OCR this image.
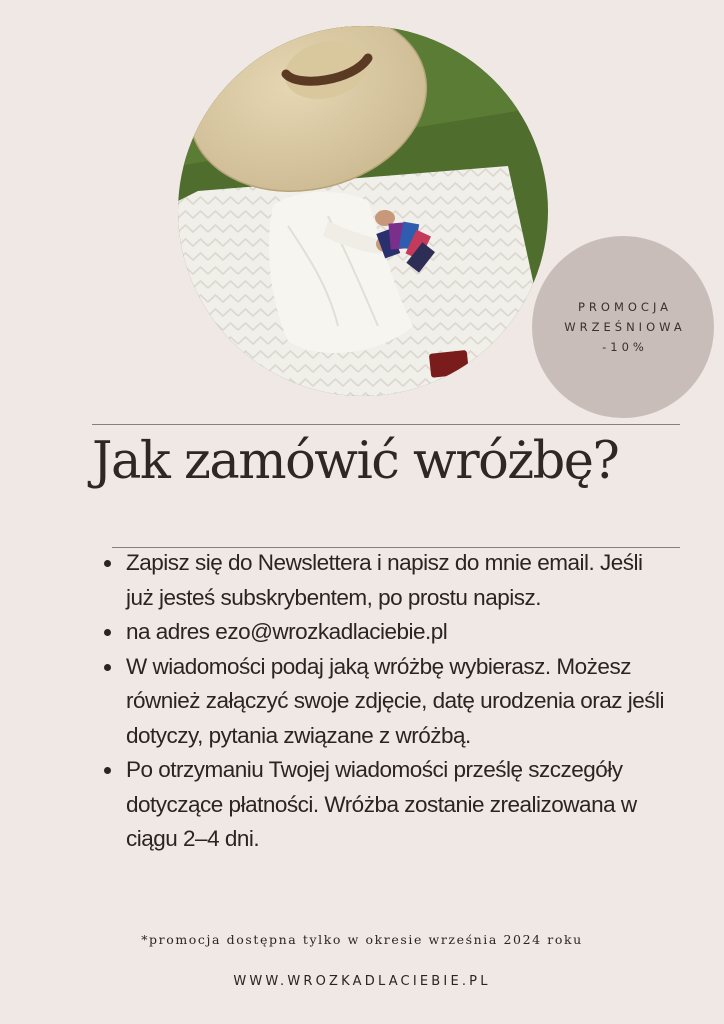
PROMOCJA
WRZEŚNIOWA
-10%
Jak zamówić wróżbę?
Zapisz się do Newslettera i napisz do mnie email. Jeśli już jesteś subskrybentem, po prostu napisz.
na adres ezo@wrozkadlaciebie.pl
W wiadomości podaj jaką wróżbę wybierasz. Możesz również załączyć swoje zdjęcie, datę urodzenia oraz jeśli dotyczy, pytania związane z wróżbą.
Po otrzymaniu Twojej wiadomości prześlę szczegóły dotyczące płatności. Wróżba zostanie zrealizowana w ciągu 2–4 dni.
*promocja dostępna tylko w okresie września 2024 roku
WWW.WROZKADLACIEBIE.PL
